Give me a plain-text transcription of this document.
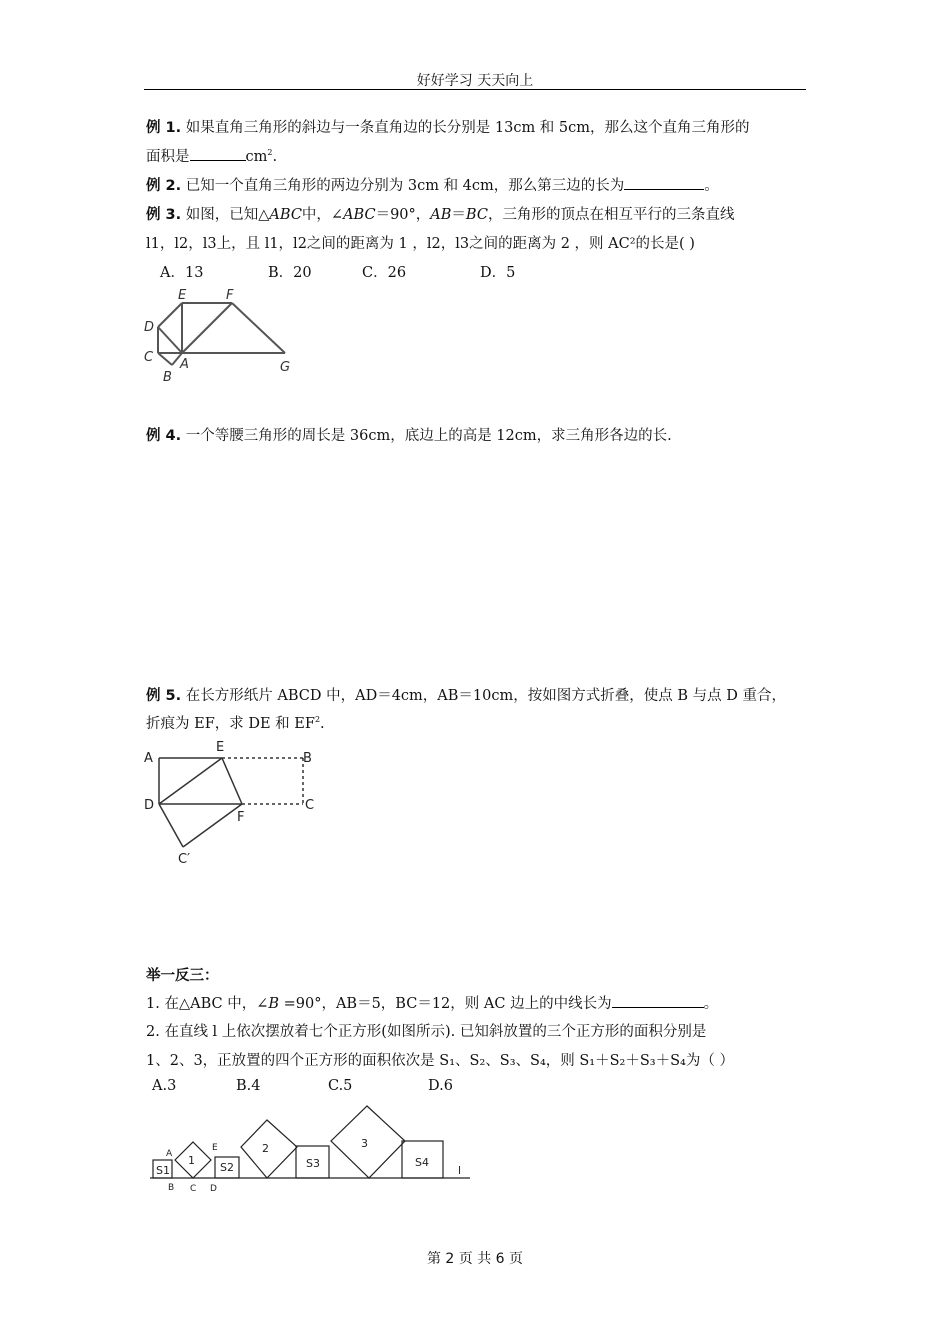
好好学习 天天向上
例 1. 如果直角三角形的斜边与一条直角边的长分别是 13cm 和 5cm，那么这个直角三角形的
面积是	$cm^2$.
例 2. 已知一个直角三角形的两边分别为 3cm 和 4cm，那么第三边的长为	。
例 3. 如图，已知△ABC中，∠ABC＝90°，AB＝BC，三角形的顶点在相互平行的三条直线
l1，l2，l3上，且 l1，l2之间的距离为 1 ，l2，l3之间的距离为 2 ，则 AC²的长是( )
A．13	B．20	C．26	D．5
E	F
D
C A
B
G
例 4. 一个等腰三角形的周长是 36cm，底边上的高是 12cm，求三角形各边的长.
例 5. 在长方形纸片 ABCD 中，AD＝4cm，AB＝10cm，按如图方式折叠，使点 B 与点 D 重合，
折痕为 EF，求 DE 和 $EF^2$.
A
E
B
D
F
C
C′
举一反三：
1. 在△ABC 中，∠B =90°，AB＝5，BC＝12，则 AC 边上的中线长为	。
2. 在直线 l 上依次摆放着七个正方形(如图所示). 已知斜放置的三个正方形的面积分别是
1、2、3，正放置的四个正方形的面积依次是 S₁、S₂、S₃、S₄，则 S₁＋S₂＋S₃＋S₄为（ ）
A.3	B.4	C.5	D.6
S1
1
S2
2
S3
3
S4
l
A
E
B C D
第 2 页 共 6 页
